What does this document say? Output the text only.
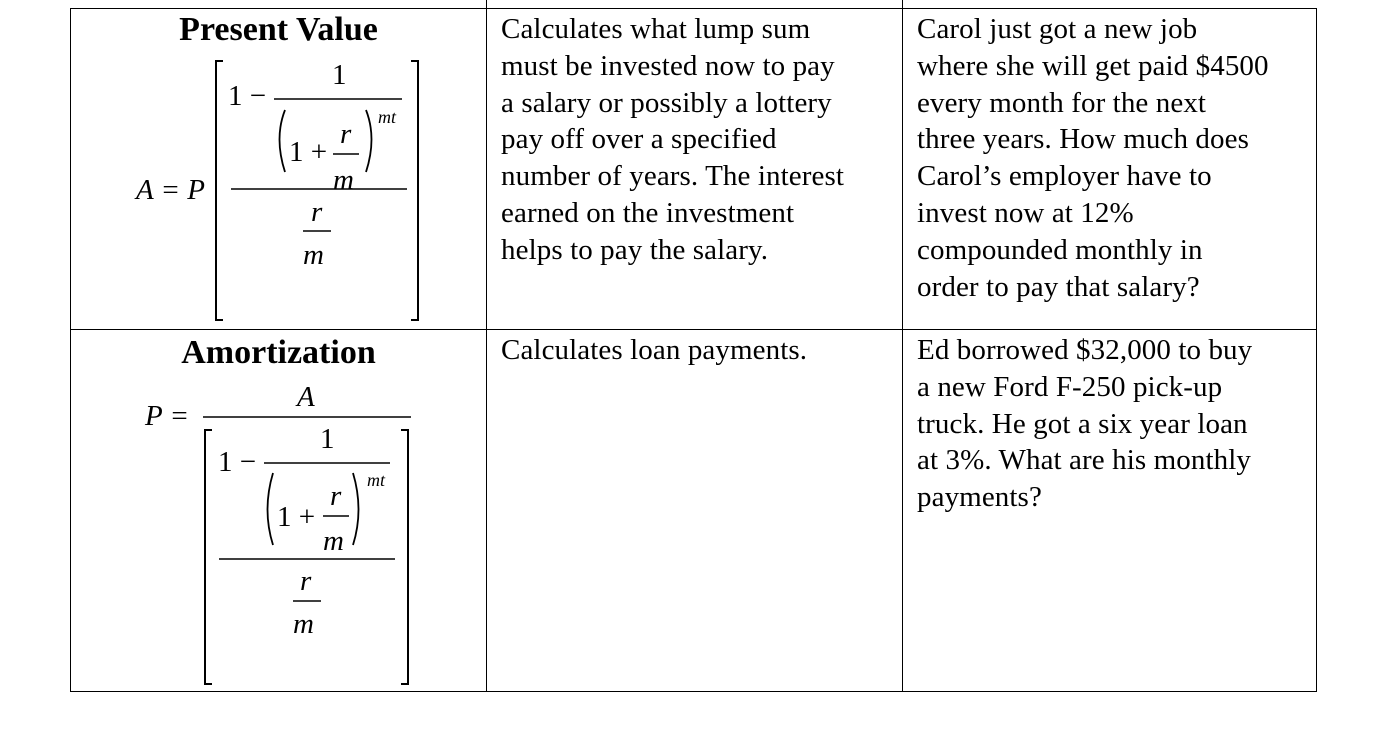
Present Value
A = P
1 −
1
1 +
r
m
mt
r
m
Calculates what lump sum
must be invested now to pay
a salary or possibly a lottery
pay off over a specified
number of years. The interest
earned on the investment
helps to pay the salary.
Carol just got a new job
where she will get paid $4500
every month for the next
three years. How much does
Carol’s employer have to
invest now at 12%
compounded monthly in
order to pay that salary?
Amortization
P =
A
1 −
1
1 +
r
m
mt
r
m
Calculates loan payments.	Ed borrowed $32,000 to buy
a new Ford F-250 pick-up
truck. He got a six year loan
at 3%. What are his monthly
payments?
